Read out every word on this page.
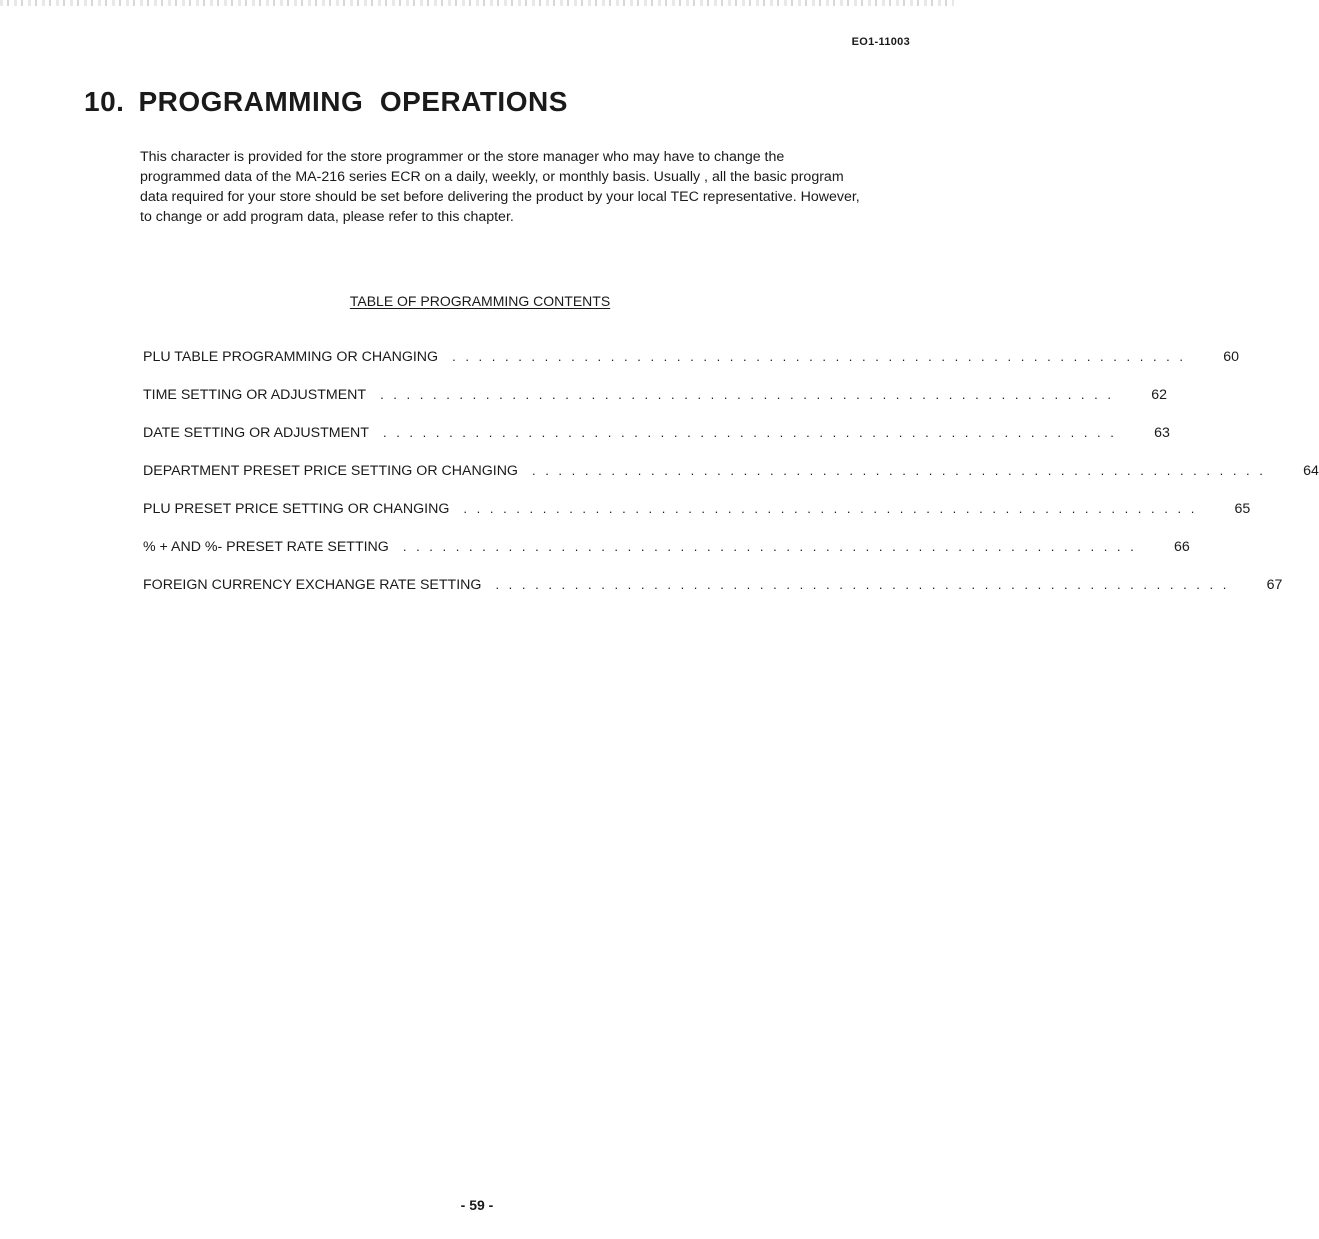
EO1-11003
10. PROGRAMMING  OPERATIONS

This character is provided for the store programmer or the store manager who may have to change the programmed data of the MA-216 series ECR on a daily, weekly, or monthly basis. Usually , all the basic program data required for your store should be set before delivering the product by your local TEC representative. However, to change or add program data, please refer to this chapter.

TABLE OF PROGRAMMING CONTENTS
PLU TABLE PROGRAMMING OR CHANGING . . . . . . . . . . . . . . . . . . . . . . . . . . . . . . . . . . . . . . . . . . . . . . . . . . . . . . . .	60
TIME SETTING OR ADJUSTMENT . . . . . . . . . . . . . . . . . . . . . . . . . . . . . . . . . . . . . . . . . . . . . . . . . . . . . . . .	62
DATE SETTING OR ADJUSTMENT . . . . . . . . . . . . . . . . . . . . . . . . . . . . . . . . . . . . . . . . . . . . . . . . . . . . . . . .	63
DEPARTMENT PRESET PRICE SETTING OR CHANGING . . . . . . . . . . . . . . . . . . . . . . . . . . . . . . . . . . . . . . . . . . . . . . . . . . . . . . . .	64
PLU PRESET PRICE SETTING OR CHANGING . . . . . . . . . . . . . . . . . . . . . . . . . . . . . . . . . . . . . . . . . . . . . . . . . . . . . . . .	65
% + AND %- PRESET RATE SETTING . . . . . . . . . . . . . . . . . . . . . . . . . . . . . . . . . . . . . . . . . . . . . . . . . . . . . . . .	66
FOREIGN CURRENCY EXCHANGE RATE SETTING . . . . . . . . . . . . . . . . . . . . . . . . . . . . . . . . . . . . . . . . . . . . . . . . . . . . . . . .	67
- 59 -
